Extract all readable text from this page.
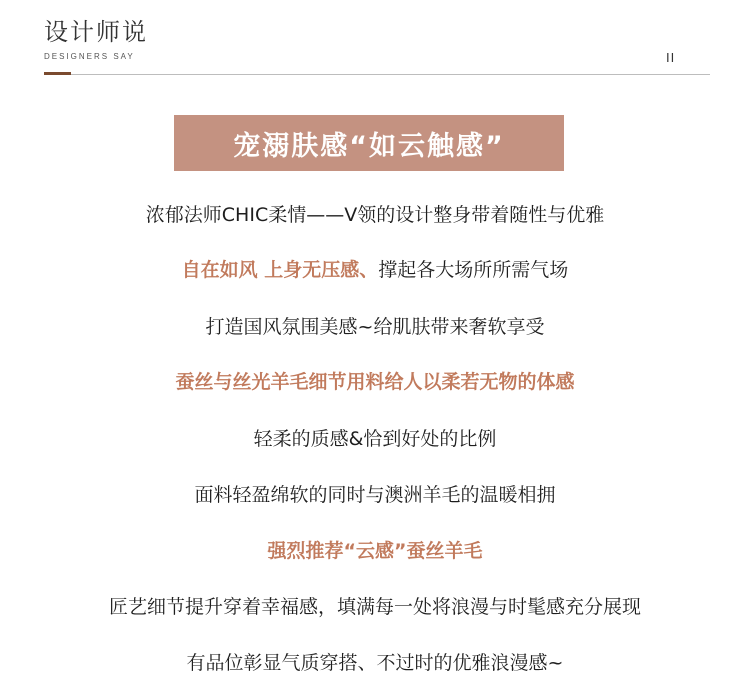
设计师说
DESIGNERS SAY	II
宠溺肤感“如云触感”
浓郁法师CHIC柔情——V领的设计整身带着随性与优雅
自在如风 上身无压感、撑起各大场所所需气场
打造国风氛围美感~给肌肤带来奢软享受
蚕丝与丝光羊毛细节用料给人以柔若无物的体感
轻柔的质感&恰到好处的比例
面料轻盈绵软的同时与澳洲羊毛的温暖相拥
强烈推荐“云感”蚕丝羊毛
匠艺细节提升穿着幸福感，填满每一处将浪漫与时髦感充分展现
有品位彰显气质穿搭、不过时的优雅浪漫感~
